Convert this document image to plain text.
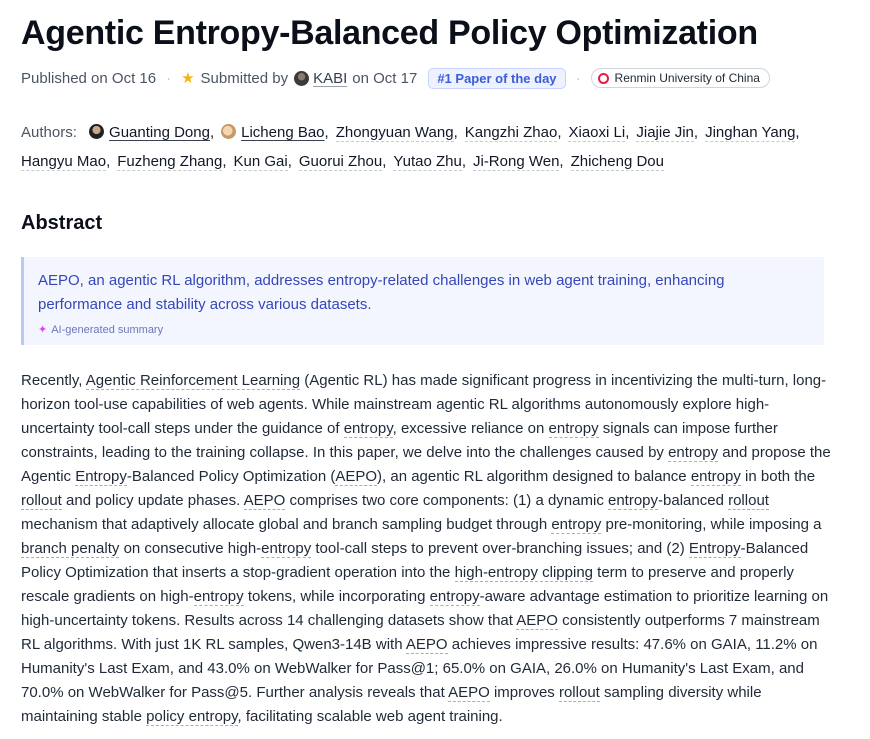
Agentic Entropy-Balanced Policy Optimization
Published on Oct 16 · ★ Submitted by KABI on Oct 17	#1 Paper of the day	·	Renmin University of China
Authors: Guanting Dong, Licheng Bao, Zhongyuan Wang, Kangzhi Zhao, Xiaoxi Li, Jiajie Jin, Jinghan Yang,Hangyu Mao, Fuzheng Zhang, Kun Gai, Guorui Zhou, Yutao Zhu, Ji-Rong Wen, Zhicheng Dou
Abstract
AEPO, an agentic RL algorithm, addresses entropy-related challenges in web agent training, enhancing performance and stability across various datasets.
✦ AI-generated summary

Recently, Agentic Reinforcement Learning (Agentic RL) has made significant progress in incentivizing the multi-turn, long-horizon tool-use capabilities of web agents. While mainstream agentic RL algorithms autonomously explore high-uncertainty tool-call steps under the guidance of entropy, excessive reliance on entropy signals can impose further constraints, leading to the training collapse. In this paper, we delve into the challenges caused by entropy and propose the Agentic Entropy-Balanced Policy Optimization (AEPO), an agentic RL algorithm designed to balance entropy in both the rollout and policy update phases. AEPO comprises two core components: (1) a dynamic entropy-balanced rollout mechanism that adaptively allocate global and branch sampling budget through entropy pre-monitoring, while imposing a branch penalty on consecutive high-entropy tool-call steps to prevent over-branching issues; and (2) Entropy-Balanced Policy Optimization that inserts a stop-gradient operation into the high-entropy clipping term to preserve and properly rescale gradients on high-entropy tokens, while incorporating entropy-aware advantage estimation to prioritize learning on high-uncertainty tokens. Results across 14 challenging datasets show that AEPO consistently outperforms 7 mainstream RL algorithms. With just 1K RL samples, Qwen3-14B with AEPO achieves impressive results: 47.6% on GAIA, 11.2% on Humanity's Last Exam, and 43.0% on WebWalker for Pass@1; 65.0% on GAIA, 26.0% on Humanity's Last Exam, and 70.0% on WebWalker for Pass@5. Further analysis reveals that AEPO improves rollout sampling diversity while maintaining stable policy entropy, facilitating scalable web agent training.
